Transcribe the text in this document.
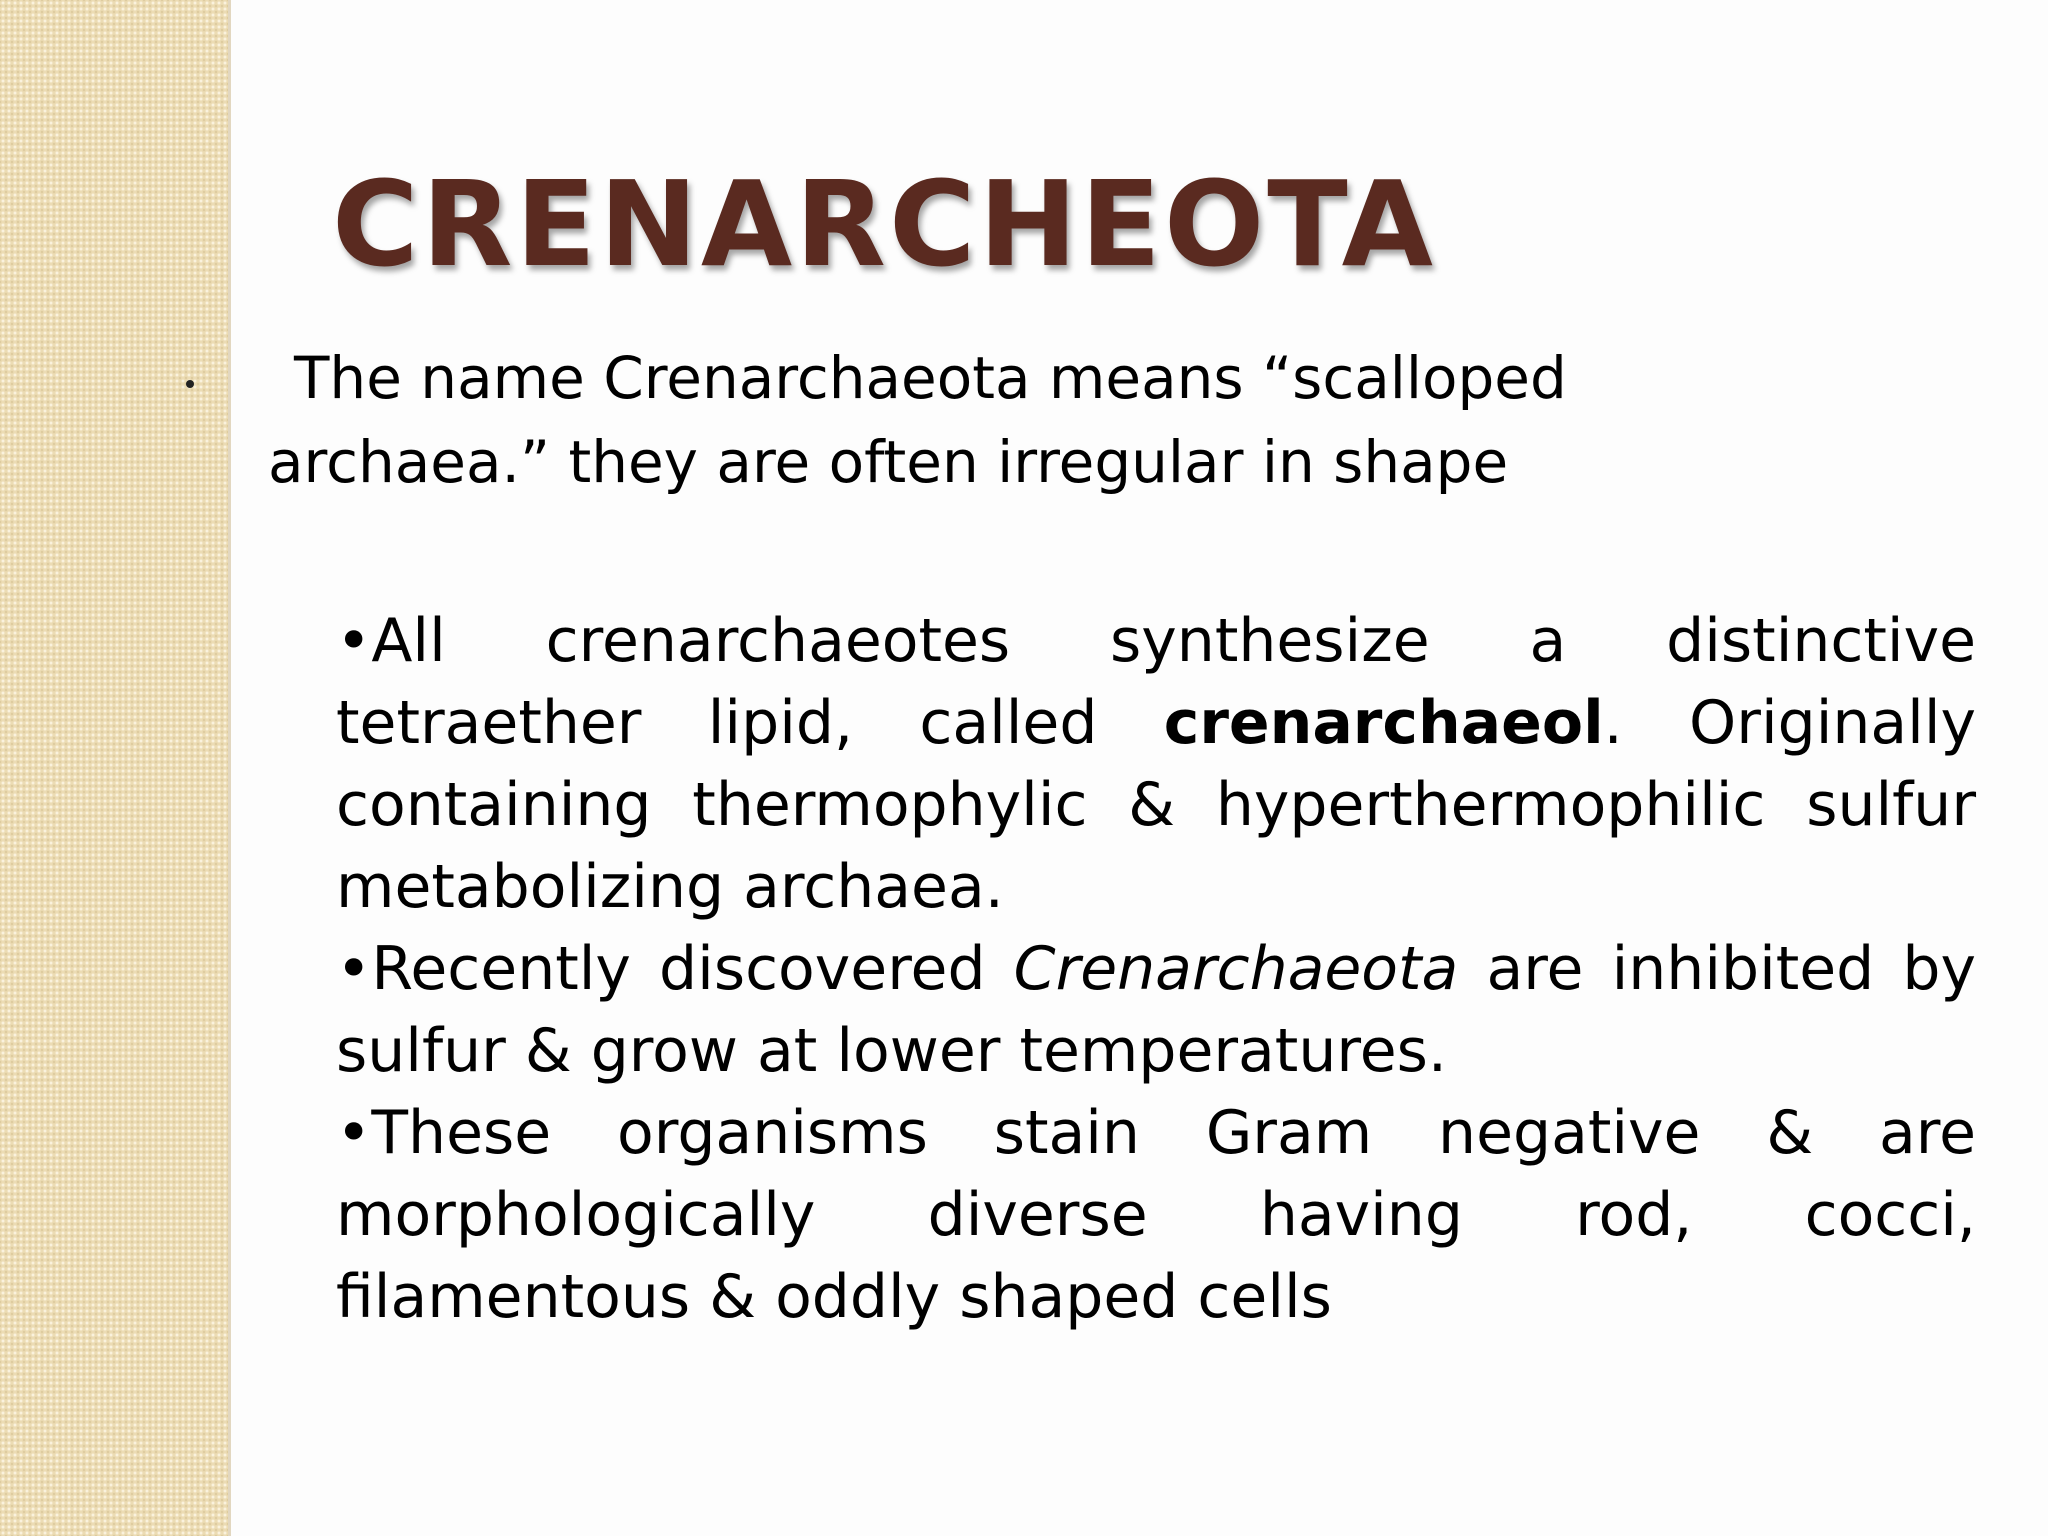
CRENARCHEOTA

The name Crenarchaeota means “scalloped archaea.” they are often irregular in shape

•All crenarchaeotes synthesize a distinctive tetraether lipid, called crenarchaeol. Originally containing thermophylic & hyperthermophilic sulfur metabolizing archaea.
•Recently discovered Crenarchaeota are inhibited by sulfur & grow at lower temperatures.
•These organisms stain Gram negative & are morphologically diverse having rod, cocci, filamentous & oddly shaped cells
